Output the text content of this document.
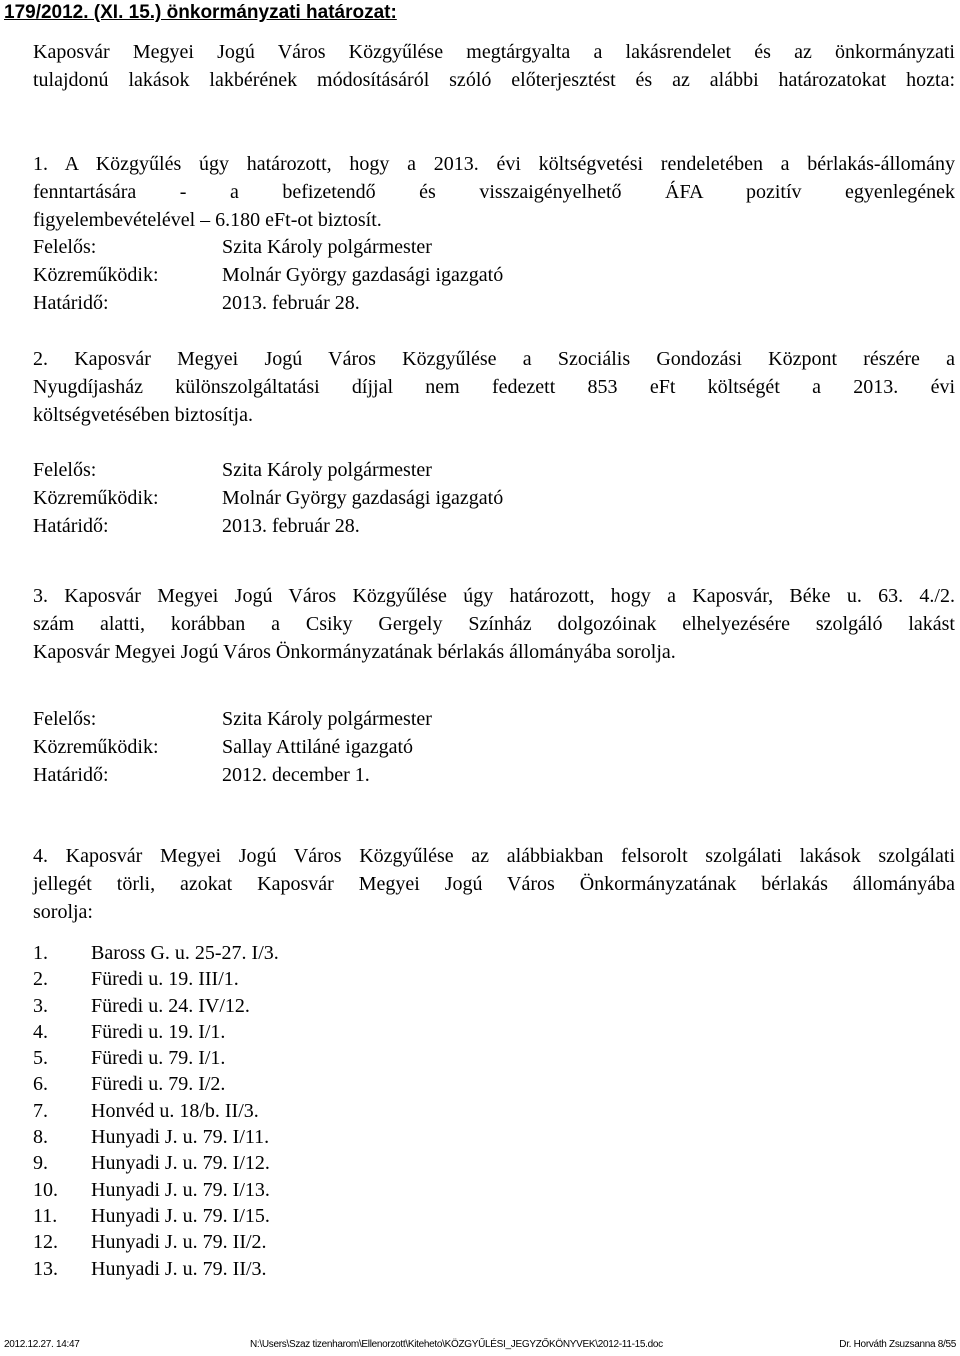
179/2012. (XI. 15.) önkormányzati határozat:

Kaposvár Megyei Jogú Város Közgyűlése megtárgyalta a lakásrendelet és az önkormányzati
tulajdonú lakások lakbérének módosításáról szóló előterjesztést és az alábbi határozatokat hozta:

1. A Közgyűlés úgy határozott, hogy a 2013. évi költségvetési rendeletében a bérlakás-állomány
fenntartására - a befizetendő és visszaigényelhető ÁFA pozitív egyenlegének
figyelembevételével – 6.180 eFt-ot biztosít.

Felelős:	Szita Károly polgármester
Közreműködik:	Molnár György gazdasági igazgató
Határidő:	2013. február 28.

2. Kaposvár Megyei Jogú Város Közgyűlése a Szociális Gondozási Központ részére a
Nyugdíjasház különszolgáltatási díjjal nem fedezett 853 eFt költségét a 2013. évi
költségvetésében biztosítja.

Felelős:	Szita Károly polgármester
Közreműködik:	Molnár György gazdasági igazgató
Határidő:	2013. február 28.

3. Kaposvár Megyei Jogú Város Közgyűlése úgy határozott, hogy a Kaposvár, Béke u. 63. 4./2.
szám alatti, korábban a Csiky Gergely Színház dolgozóinak elhelyezésére szolgáló lakást
Kaposvár Megyei Jogú Város Önkormányzatának bérlakás állományába sorolja.

Felelős:	Szita Károly polgármester
Közreműködik:	Sallay Attiláné igazgató
Határidő:	2012. december 1.

4. Kaposvár Megyei Jogú Város Közgyűlése az alábbiakban felsorolt szolgálati lakások szolgálati
jellegét törli, azokat Kaposvár Megyei Jogú Város Önkormányzatának bérlakás állományába
sorolja:

1. Baross G. u. 25-27. I/3.
2. Füredi u. 19. III/1.
3. Füredi u. 24. IV/12.
4. Füredi u. 19. I/1.
5. Füredi u. 79. I/1.
6. Füredi u. 79. I/2.
7. Honvéd u. 18/b. II/3.
8. Hunyadi J. u. 79. I/11.
9. Hunyadi J. u. 79. I/12.
10. Hunyadi J. u. 79. I/13.
11. Hunyadi J. u. 79. I/15.
12. Hunyadi J. u. 79. II/2.
13. Hunyadi J. u. 79. II/3.
2012.12.27. 14:47	N:\Users\Szaz tizenharom\Ellenorzott\Kiteheto\KÖZGYŰLÉSI_JEGYZŐKÖNYVEK\2012-11-15.doc	Dr. Horváth Zsuzsanna 8/55
